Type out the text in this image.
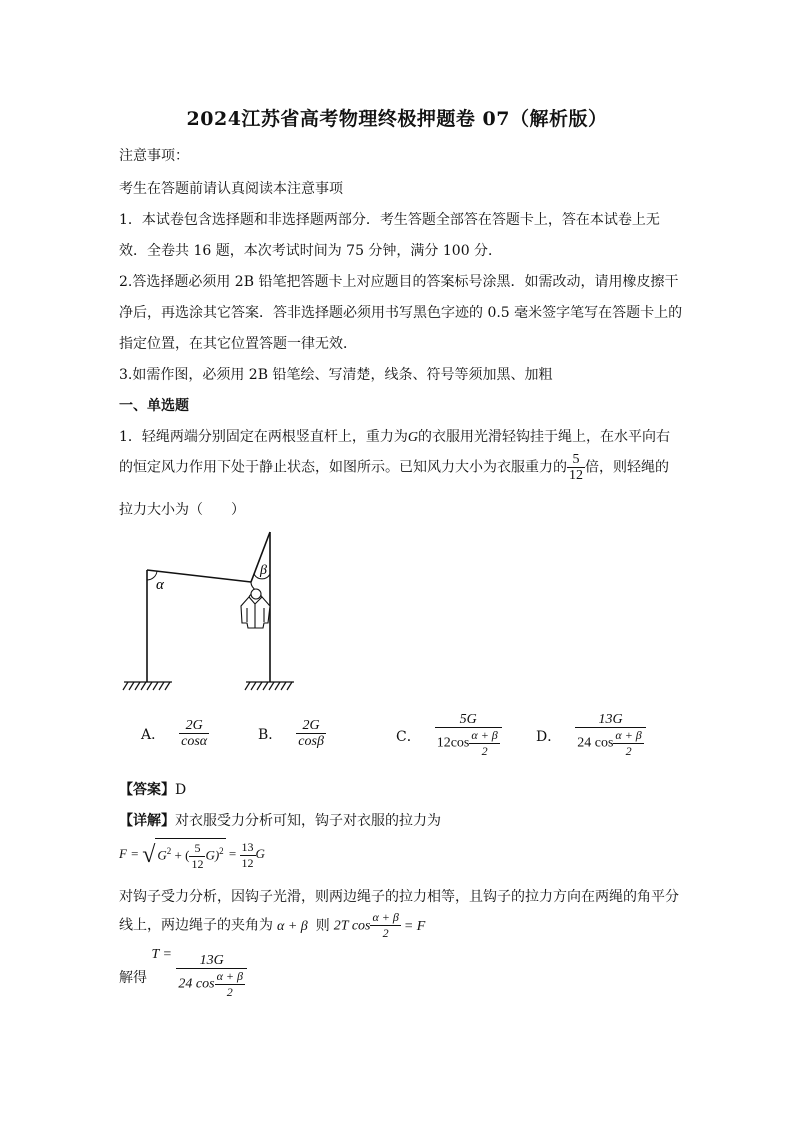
2024江苏省高考物理终极押题卷 07（解析版）
注意事项：
考生在答题前请认真阅读本注意事项
1．本试卷包含选择题和非选择题两部分．考生答题全部答在答题卡上，答在本试卷上无
效．全卷共 16 题，本次考试时间为 75 分钟，满分 100 分．
2.答选择题必须用 2B 铅笔把答题卡上对应题目的答案标号涂黑．如需改动，请用橡皮擦干
净后，再选涂其它答案．答非选择题必须用书写黑色字迹的 0.5 毫米签字笔写在答题卡上的
指定位置，在其它位置答题一律无效．
3.如需作图，必须用 2B 铅笔绘、写清楚，线条、符号等须加黑、加粗
一、单选题
1．轻绳两端分别固定在两根竖直杆上，重力为G的衣服用光滑轻钩挂于绳上，在水平向右
的恒定风力作用下处于静止状态，如图所示。已知风力大小为衣服重力的 $\frac{5}{12}$ 倍，则轻绳的
拉力大小为（　　）
α
β
A． $\frac{2G}{\cos\alpha}$	B． $\frac{2G}{\cos\beta}$	C． $\frac{5G}{12\cos \frac{\alpha + \beta}{2}}$ D． $\frac{13G}{24 \cos \frac{\alpha + \beta}{2}}$
【答案】D
【详解】对衣服受力分析可知，钩子对衣服的拉力为
F = √ $G^2$ + ( $\frac{5}{12} G)^2 = \frac{13}{12}$ G
对钩子受力分析，因钩子光滑，则两边绳子的拉力相等，且钩子的拉力方向在两绳的角平分
线上，两边绳子的夹角为 α + β 则 2T $\cos \frac{\alpha + \beta}{2} = F$
解得 $T = \frac{13G}{24 \cos \frac{\alpha + \beta}{2}}$
